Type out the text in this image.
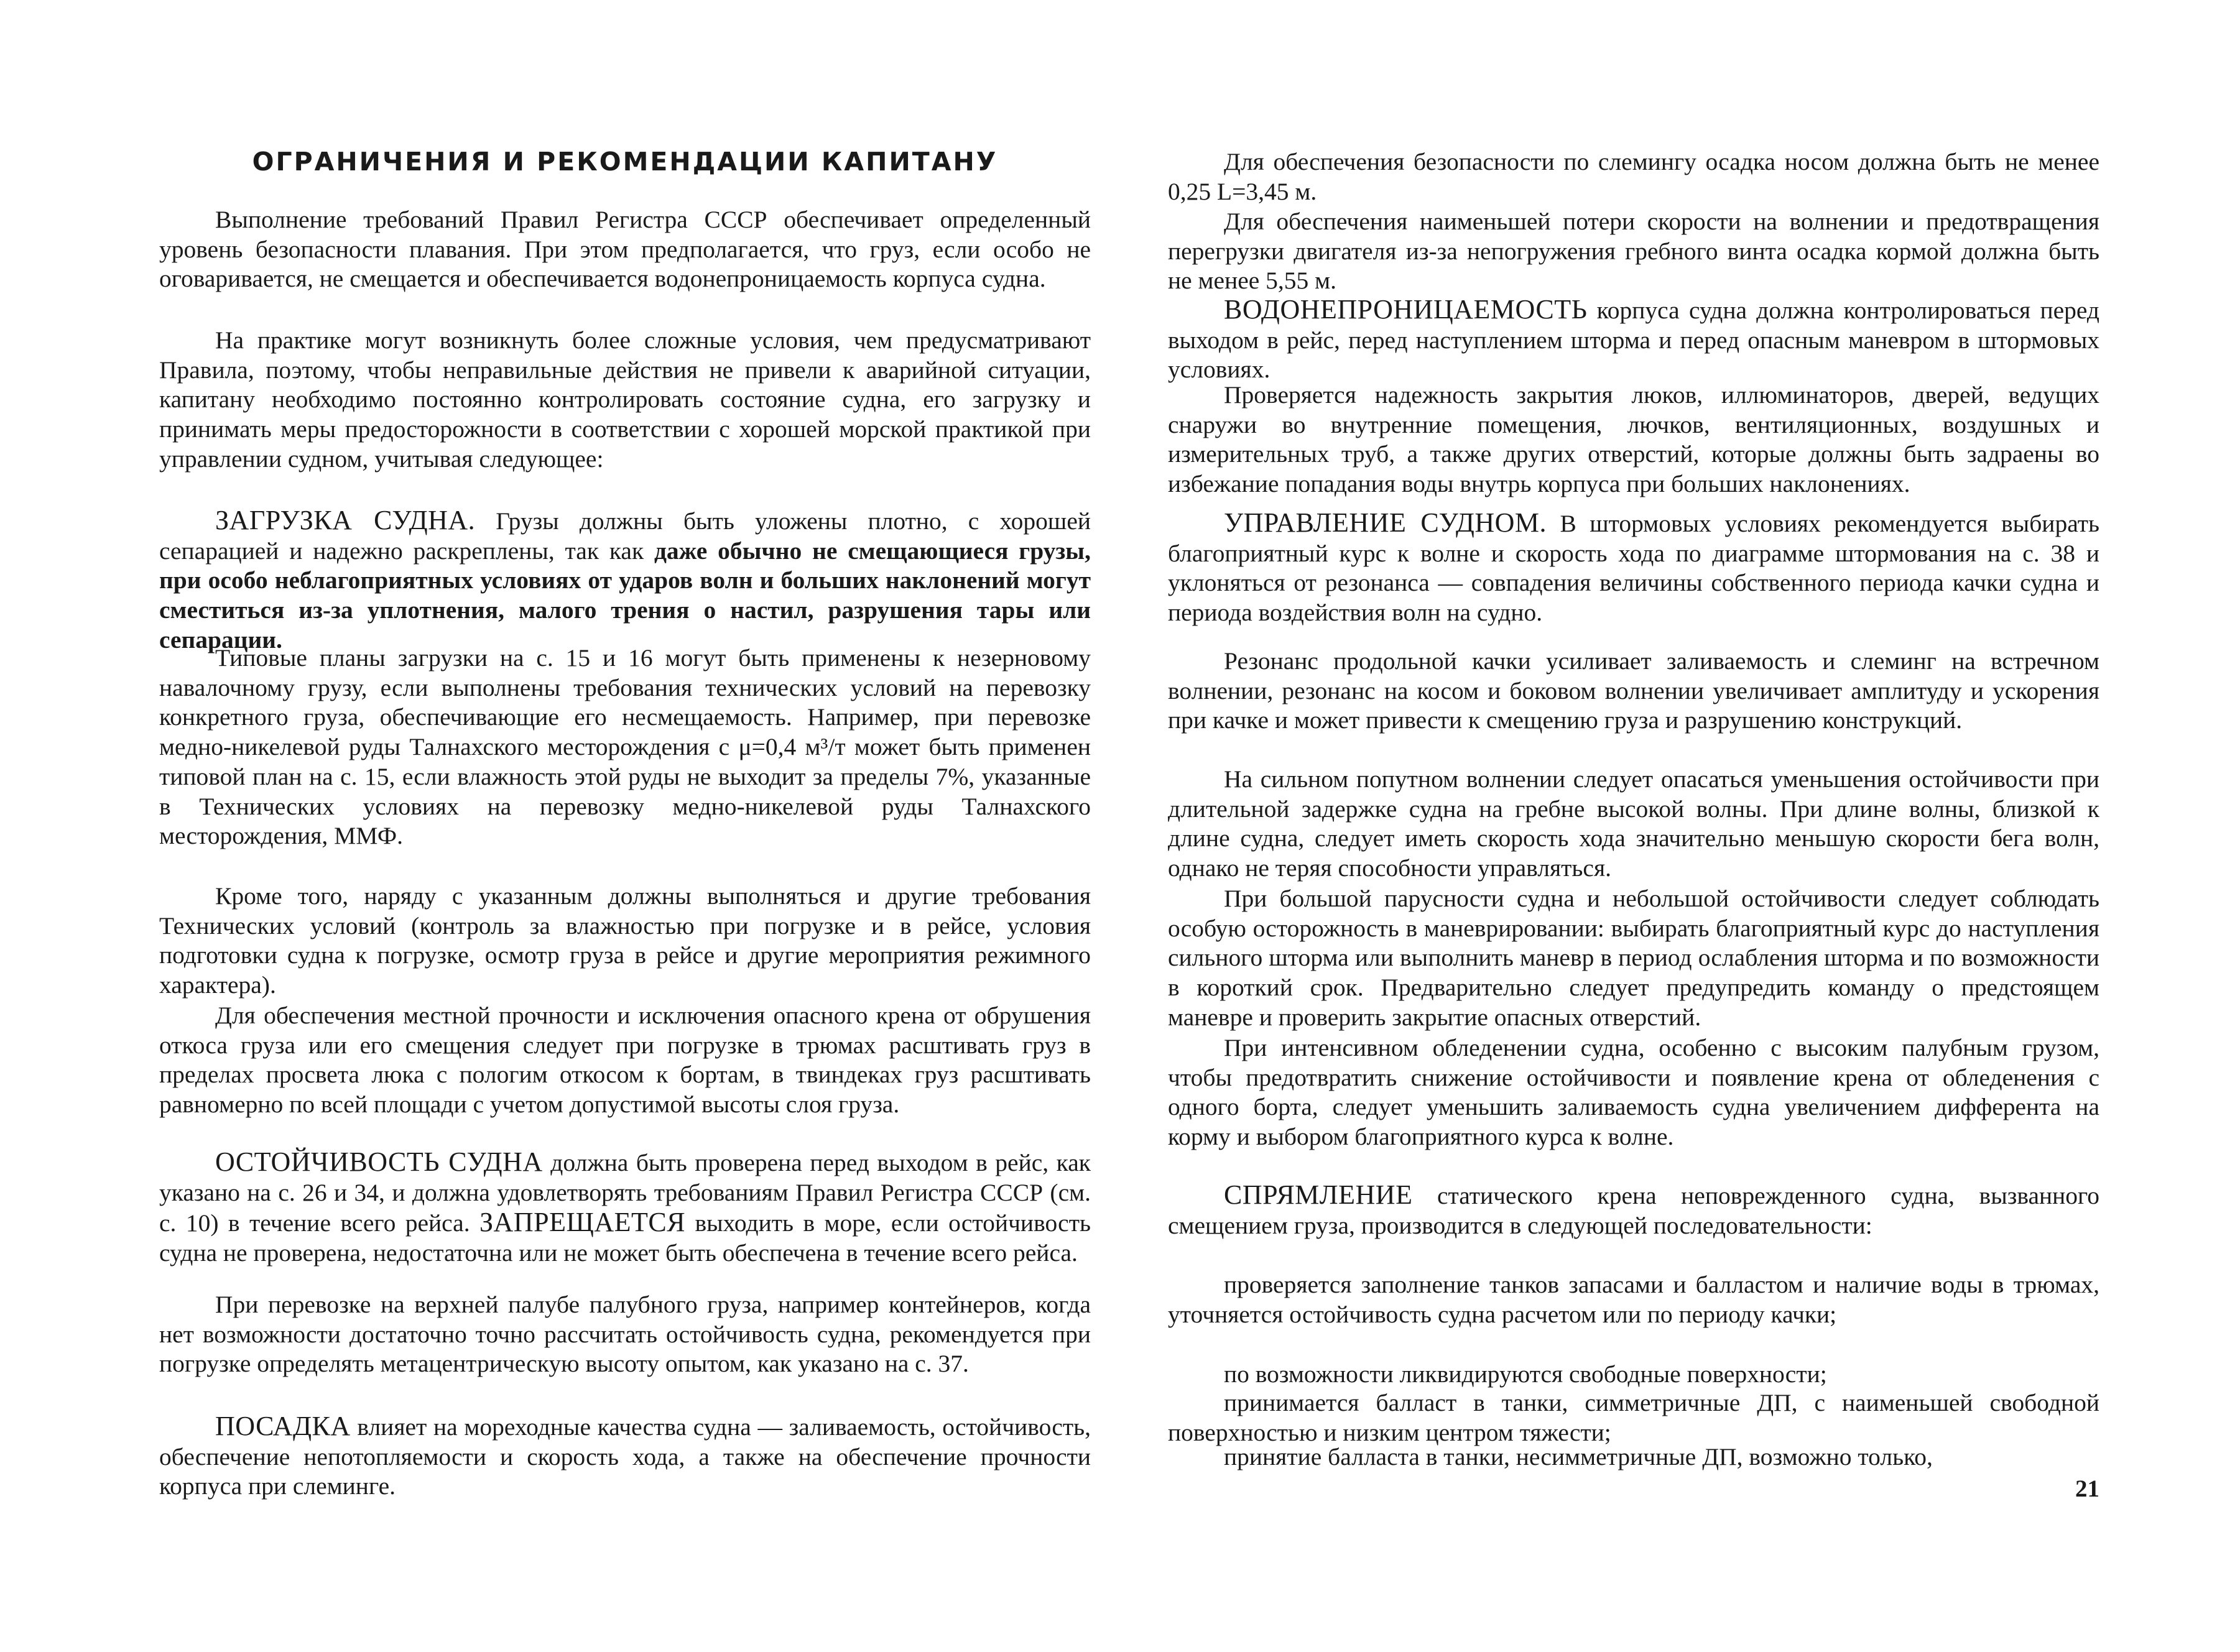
ОГРАНИЧЕНИЯ И РЕКОМЕНДАЦИИ КАПИТАНУ

Выполнение требований Правил Регистра СССР обеспечивает определенный уровень безопасности плавания. При этом предполагается, что груз, если особо не оговаривается, не смещается и обеспечивается водонепроницаемость корпуса судна.

На практике могут возникнуть более сложные условия, чем предусматривают Правила, поэтому, чтобы неправильные действия не привели к аварийной ситуации, капитану необходимо постоянно контролировать состояние судна, его загрузку и принимать меры предосторожности в соответствии с хорошей морской практикой при управлении судном, учитывая следующее:

ЗАГРУЗКА СУДНА. Грузы должны быть уложены плотно, с хорошей сепарацией и надежно раскреплены, так как даже обычно не смещающиеся грузы, при особо неблагоприятных условиях от ударов волн и больших наклонений могут сместиться из-за уплотнения, малого трения о настил, разрушения тары или сепарации.

Типовые планы загрузки на с. 15 и 16 могут быть применены к незерновому навалочному грузу, если выполнены требования технических условий на перевозку конкретного груза, обеспечивающие его несмещаемость. Например, при перевозке медно-никелевой руды Талнахского месторождения с μ=0,4 м³/т может быть применен типовой план на с. 15, если влажность этой руды не выходит за пределы 7%, указанные в Технических условиях на перевозку медно-никелевой руды Талнахского месторождения, ММФ.

Кроме того, наряду с указанным должны выполняться и другие требования Технических условий (контроль за влажностью при погрузке и в рейсе, условия подготовки судна к погрузке, осмотр груза в рейсе и другие мероприятия режимного характера).

Для обеспечения местной прочности и исключения опасного крена от обрушения откоса груза или его смещения следует при погрузке в трюмах расштивать груз в пределах просвета люка с пологим откосом к бортам, в твиндеках груз расштивать равномерно по всей площади с учетом допустимой высоты слоя груза.

ОСТОЙЧИВОСТЬ СУДНА должна быть проверена перед выходом в рейс, как указано на с. 26 и 34, и должна удовлетворять требованиям Правил Регистра СССР (см. с. 10) в течение всего рейса. ЗАПРЕЩАЕТСЯ выходить в море, если остойчивость судна не проверена, недостаточна или не может быть обеспечена в течение всего рейса.

При перевозке на верхней палубе палубного груза, например контейнеров, когда нет возможности достаточно точно рассчитать остойчивость судна, рекомендуется при погрузке определять метацентрическую высоту опытом, как указано на с. 37.

ПОСАДКА влияет на мореходные качества судна — заливаемость, остойчивость, обеспечение непотопляемости и скорость хода, а также на обеспечение прочности корпуса при слеминге.

Для обеспечения безопасности по слемингу осадка носом должна быть не менее 0,25 L=3,45 м.

Для обеспечения наименьшей потери скорости на волнении и предотвращения перегрузки двигателя из-за непогружения гребного винта осадка кормой должна быть не менее 5,55 м.

ВОДОНЕПРОНИЦАЕМОСТЬ корпуса судна должна контролироваться перед выходом в рейс, перед наступлением шторма и перед опасным маневром в штормовых условиях.

Проверяется надежность закрытия люков, иллюминаторов, дверей, ведущих снаружи во внутренние помещения, лючков, вентиляционных, воздушных и измерительных труб, а также других отверстий, которые должны быть задраены во избежание попадания воды внутрь корпуса при больших наклонениях.

УПРАВЛЕНИЕ СУДНОМ. В штормовых условиях рекомендуется выбирать благоприятный курс к волне и скорость хода по диаграмме штормования на с. 38 и уклоняться от резонанса — совпадения величины собственного периода качки судна и периода воздействия волн на судно.

Резонанс продольной качки усиливает заливаемость и слеминг на встречном волнении, резонанс на косом и боковом волнении увеличивает амплитуду и ускорения при качке и может привести к смещению груза и разрушению конструкций.

На сильном попутном волнении следует опасаться уменьшения остойчивости при длительной задержке судна на гребне высокой волны. При длине волны, близкой к длине судна, следует иметь скорость хода значительно меньшую скорости бега волн, однако не теряя способности управляться.

При большой парусности судна и небольшой остойчивости следует соблюдать особую осторожность в маневрировании: выбирать благоприятный курс до наступления сильного шторма или выполнить маневр в период ослабления шторма и по возможности в короткий срок. Предварительно следует предупредить команду о предстоящем маневре и проверить закрытие опасных отверстий.

При интенсивном обледенении судна, особенно с высоким палубным грузом, чтобы предотвратить снижение остойчивости и появление крена от обледенения с одного борта, следует уменьшить заливаемость судна увеличением дифферента на корму и выбором благоприятного курса к волне.

СПРЯМЛЕНИЕ статического крена неповрежденного судна, вызванного смещением груза, производится в следующей последовательности:

проверяется заполнение танков запасами и балластом и наличие воды в трюмах, уточняется остойчивость судна расчетом или по периоду качки;

по возможности ликвидируются свободные поверхности;

принимается балласт в танки, симметричные ДП, с наименьшей свободной поверхностью и низким центром тяжести;

принятие балласта в танки, несимметричные ДП, возможно только,

21
